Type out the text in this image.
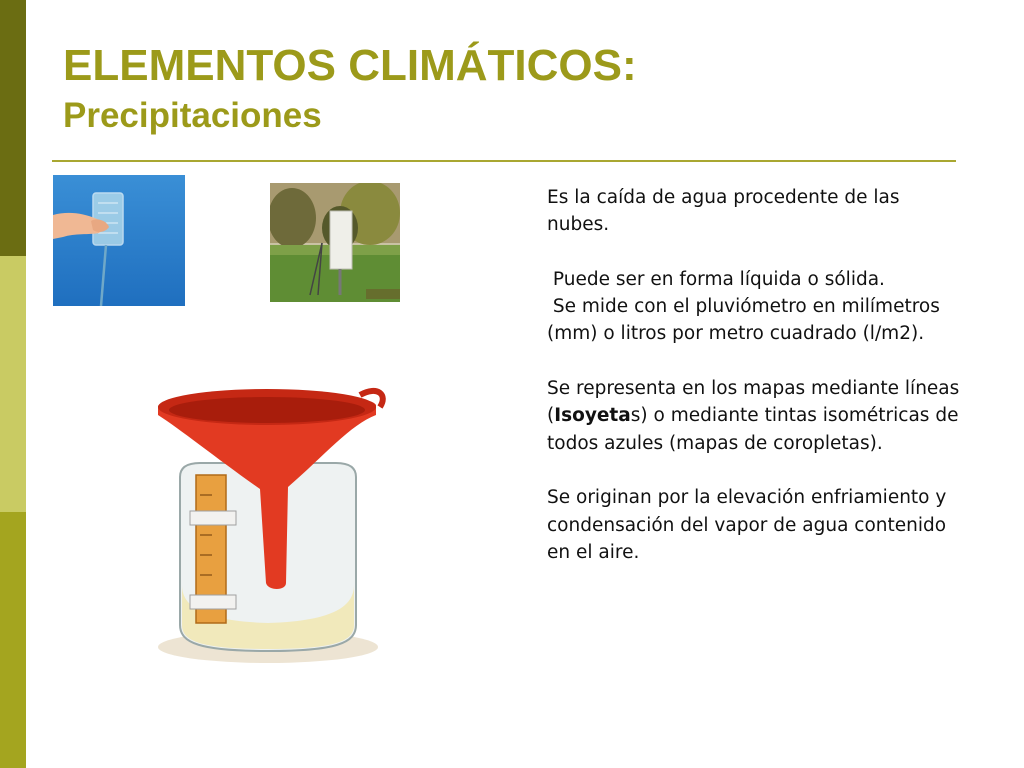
ELEMENTOS CLIMÁTICOS:
Precipitaciones

Es la caída de agua procedente de las nubes.

Puede ser en forma líquida o sólida.
Se mide con el pluviómetro en milímetros (mm) o litros por metro cuadrado (l/m2).

Se representa en los mapas mediante líneas (Isoyetas) o mediante tintas isométricas de todos azules (mapas de coropletas).

Se originan por la elevación enfriamiento y condensación del vapor de agua contenido en el aire.
